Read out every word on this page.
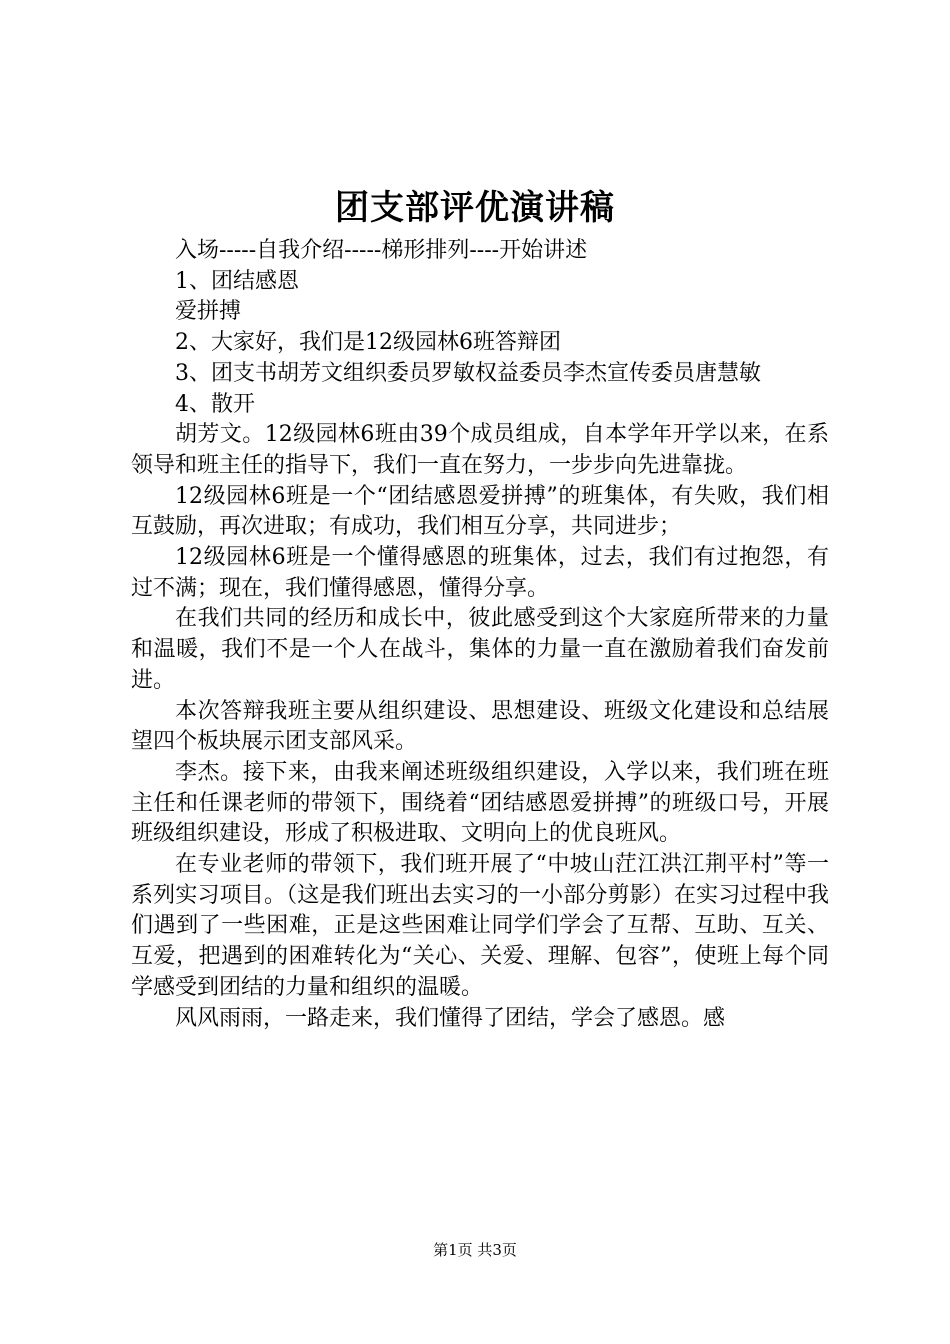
团支部评优演讲稿

入场-----自我介绍-----梯形排列----开始讲述

1、团结感恩

爱拼搏

2、大家好，我们是12级园林6班答辩团

3、团支书胡芳文组织委员罗敏权益委员李杰宣传委员唐慧敏

4、散开

胡芳文。12级园林6班由39个成员组成，自本学年开学以来，在系领导和班主任的指导下，我们一直在努力，一步步向先进靠拢。

12级园林6班是一个“团结感恩爱拼搏”的班集体，有失败，我们相互鼓励，再次进取；有成功，我们相互分享，共同进步；

12级园林6班是一个懂得感恩的班集体，过去，我们有过抱怨，有过不满；现在，我们懂得感恩，懂得分享。

在我们共同的经历和成长中，彼此感受到这个大家庭所带来的力量和温暖，我们不是一个人在战斗，集体的力量一直在激励着我们奋发前进。

本次答辩我班主要从组织建设、思想建设、班级文化建设和总结展望四个板块展示团支部风采。

李杰。接下来，由我来阐述班级组织建设，入学以来，我们班在班主任和任课老师的带领下，围绕着“团结感恩爱拼搏”的班级口号，开展班级组织建设，形成了积极进取、文明向上的优良班风。

在专业老师的带领下，我们班开展了“中坡山茳江洪江荆平村”等一系列实习项目。（这是我们班出去实习的一小部分剪影）在实习过程中我们遇到了一些困难，正是这些困难让同学们学会了互帮、互助、互关、互爱，把遇到的困难转化为“关心、关爱、理解、包容”，使班上每个同学感受到团结的力量和组织的温暖。

风风雨雨，一路走来，我们懂得了团结，学会了感恩。感

第1页 共3页
